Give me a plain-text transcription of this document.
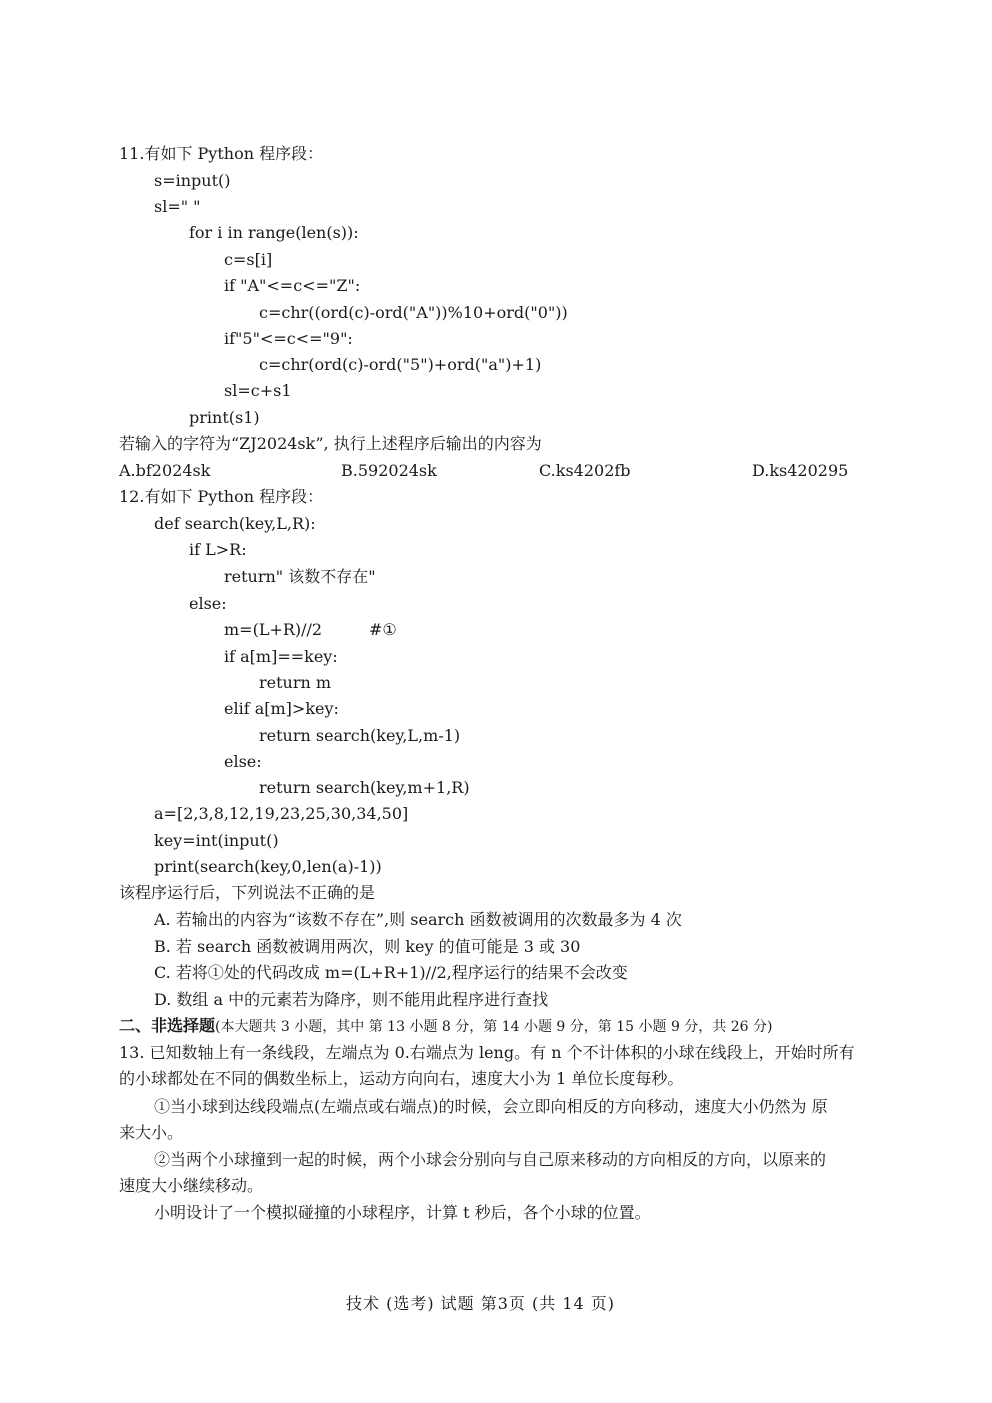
11.有如下 Python 程序段：
s=input()
sl=" "
for i in range(len(s)):
c=s[i]
if "A"<=c<="Z":
c=chr((ord(c)-ord("A"))%10+ord("0"))
if"5"<=c<="9":
c=chr(ord(c)-ord("5")+ord("a")+1)
sl=c+s1
print(s1)
若输入的字符为“ZJ2024sk”, 执行上述程序后输出的内容为
A.bf2024sk	B.592024sk	C.ks4202fb	D.ks420295
12.有如下 Python 程序段：
def search(key,L,R):
if L>R:
return" 该数不存在"
else:
m=(L+R)//2	#①
if a[m]==key:
return m
elif a[m]>key:
return search(key,L,m-1)
else:
return search(key,m+1,R)
a=[2,3,8,12,19,23,25,30,34,50]
key=int(input()
print(search(key,0,len(a)-1))
该程序运行后，下列说法不正确的是
A. 若输出的内容为“该数不存在”,则 search 函数被调用的次数最多为 4 次
B. 若 search 函数被调用两次，则 key 的值可能是 3 或 30
C. 若将①处的代码改成 m=(L+R+1)//2,程序运行的结果不会改变
D. 数组 a 中的元素若为降序，则不能用此程序进行查找
二、非选择题(本大题共 3 小题，其中 第 13 小题 8 分，第 14 小题 9 分，第 15 小题 9 分，共 26 分)
13. 已知数轴上有一条线段，左端点为 0.右端点为 leng。有 n 个不计体积的小球在线段上，开始时所有
的小球都处在不同的偶数坐标上，运动方向向右，速度大小为 1 单位长度每秒。
①当小球到达线段端点(左端点或右端点)的时候，会立即向相反的方向移动，速度大小仍然为 原
来大小。
②当两个小球撞到一起的时候，两个小球会分别向与自己原来移动的方向相反的方向，以原来的
速度大小继续移动。
小明设计了一个模拟碰撞的小球程序，计算 t 秒后，各个小球的位置。
技术 (选考) 试题 第3页 (共 14 页)
